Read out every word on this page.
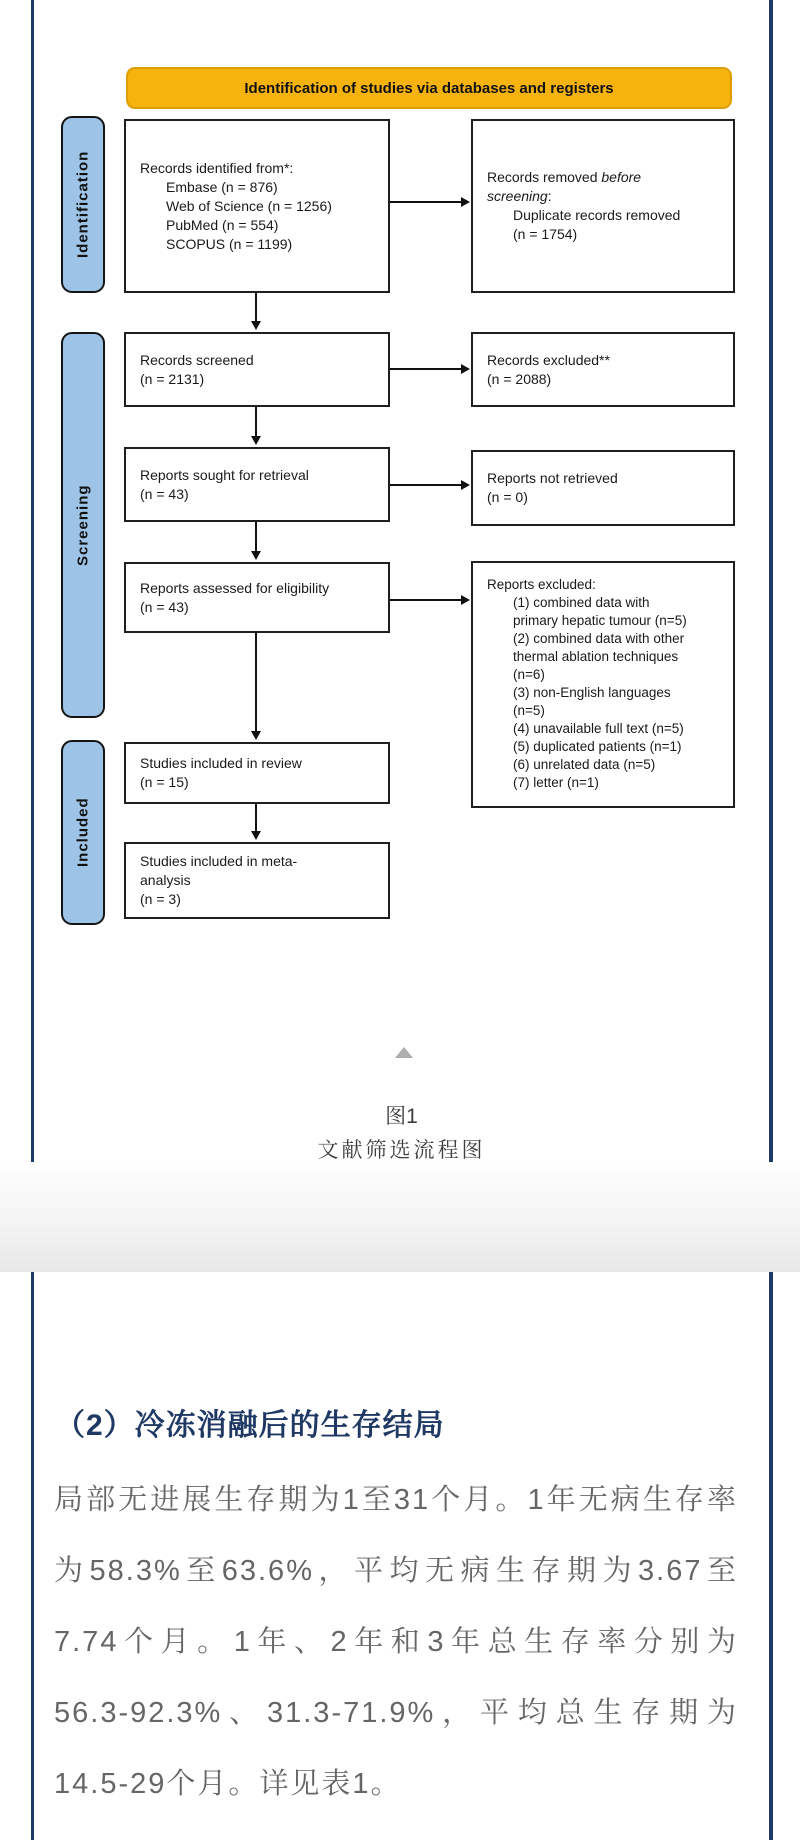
Identification of studies via databases and registers
Identification
Screening
Included
Records identified from*:
Embase (n = 876)
Web of Science (n = 1256)
PubMed (n = 554)
SCOPUS (n = 1199)
Records removed before
screening:
Duplicate records removed
(n = 1754)
Records screened
(n = 2131)
Records excluded**
(n = 2088)
Reports sought for retrieval
(n = 43)
Reports not retrieved
(n = 0)
Reports assessed for eligibility
(n = 43)
Reports excluded:
(1) combined data with
primary hepatic tumour (n=5)
(2) combined data with other
thermal ablation techniques
(n=6)
(3) non-English languages
(n=5)
(4) unavailable full text (n=5)
(5) duplicated patients (n=1)
(6) unrelated data (n=5)
(7) letter (n=1)
Studies included in review
(n = 15)
Studies included in meta-
analysis
(n = 3)
图1
文献筛选流程图
（2）冷冻消融后的生存结局
局部无进展生存期为1至31个月。1年无病生存率
为58.3%至63.6%，平均无病生存期为3.67至
7.74个月。1年、2年和3年总生存率分别为
56.3-92.3%、31.3-71.9%，平均总生存期为
14.5-29个月。详见表1。
